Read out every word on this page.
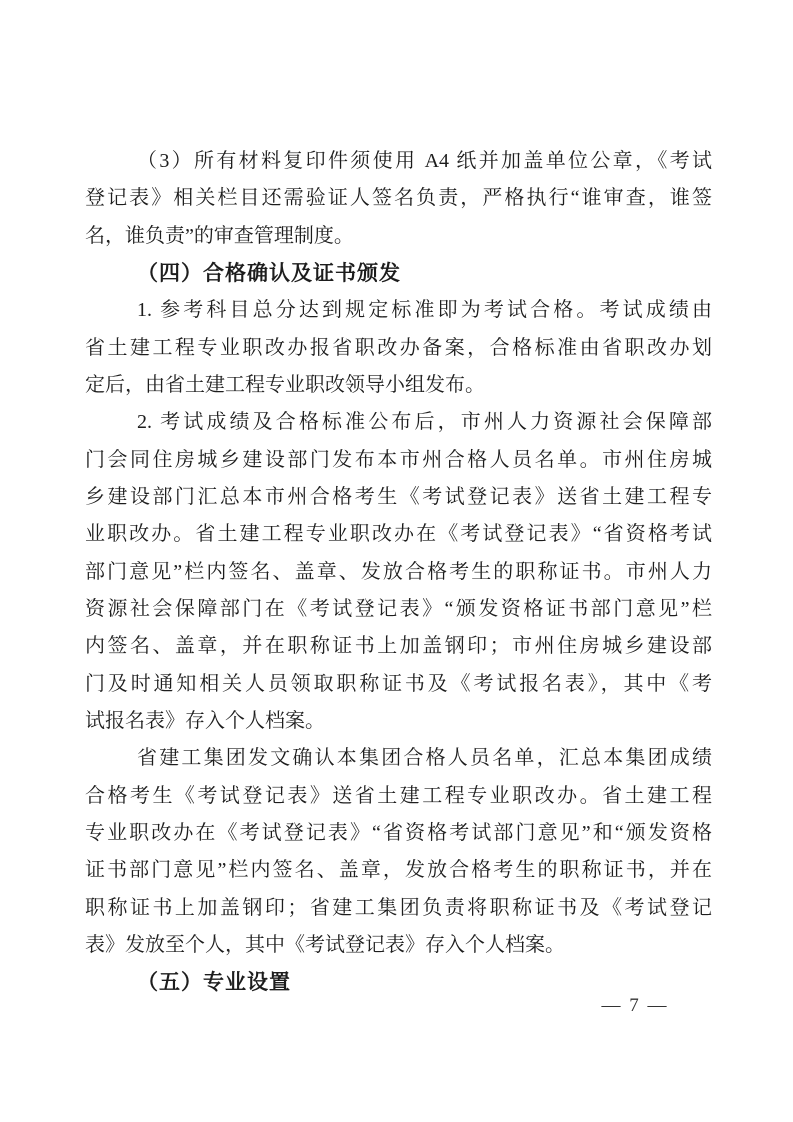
（3）所有材料复印件须使用 A4 纸并加盖单位公章，《考试
登记表》相关栏目还需验证人签名负责，严格执行“谁审查，谁签
名，谁负责”的审查管理制度。
（四）合格确认及证书颁发
1. 参考科目总分达到规定标准即为考试合格。考试成绩由
省土建工程专业职改办报省职改办备案，合格标准由省职改办划
定后，由省土建工程专业职改领导小组发布。
2. 考试成绩及合格标准公布后，市州人力资源社会保障部
门会同住房城乡建设部门发布本市州合格人员名单。市州住房城
乡建设部门汇总本市州合格考生《考试登记表》送省土建工程专
业职改办。省土建工程专业职改办在《考试登记表》“省资格考试
部门意见”栏内签名、盖章、发放合格考生的职称证书。市州人力
资源社会保障部门在《考试登记表》“颁发资格证书部门意见”栏
内签名、盖章，并在职称证书上加盖钢印；市州住房城乡建设部
门及时通知相关人员领取职称证书及《考试报名表》，其中《考
试报名表》存入个人档案。
省建工集团发文确认本集团合格人员名单，汇总本集团成绩
合格考生《考试登记表》送省土建工程专业职改办。省土建工程
专业职改办在《考试登记表》“省资格考试部门意见”和“颁发资格
证书部门意见”栏内签名、盖章，发放合格考生的职称证书，并在
职称证书上加盖钢印；省建工集团负责将职称证书及《考试登记
表》发放至个人，其中《考试登记表》存入个人档案。
（五）专业设置
— 7 —
